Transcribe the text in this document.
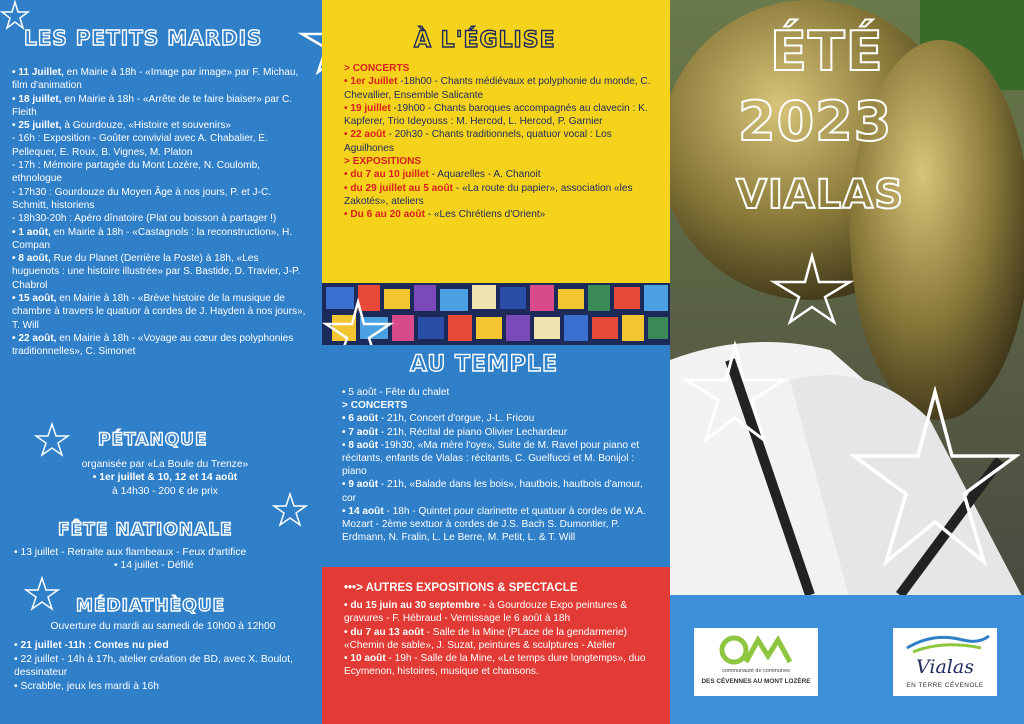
LES PETITS MARDIS

• 11 Juillet, en Mairie à 18h - «Image par image» par F. Michau, film d'animation

• 18 juillet, en Mairie à 18h - «Arrête de te faire biaiser» par C. Fleith

• 25 juillet, à Gourdouze, «Histoire et souvenirs»

- 16h : Exposition - Goûter convivial avec A. Chabalier, E. Pellequer, E. Roux, B. Vignes, M. Platon

- 17h : Mémoire partagée du Mont Lozère, N. Coulomb, ethnologue

- 17h30 : Gourdouze du Moyen Âge à nos jours, P. et J-C. Schmitt, historiens

- 18h30-20h : Apéro dînatoire (Plat ou boisson à partager !)

• 1 août, en Mairie à 18h - «Castagnols : la reconstruction», H. Compan

• 8 août, Rue du Planet (Derrière la Poste) à 18h, «Les huguenots : une histoire illustrée» par S. Bastide, D. Travier, J-P. Chabrol

• 15 août, en Mairie à 18h - «Brève histoire de la musique de chambre à travers le quatuor à cordes de J. Hayden à nos jours», T. Will

• 22 août, en Mairie à 18h - «Voyage au cœur des polyphonies traditionnelles», C. Simonet

PÉTANQUE

organisée par «La Boule du Trenze»

• 1er juillet & 10, 12 et 14 août

à 14h30 - 200 € de prix

FÊTE NATIONALE

• 13 juillet - Retraite aux flambeaux - Feux d'artifice

• 14 juillet - Défilé

MÉDIATHÈQUE

Ouverture du mardi au samedi de 10h00 à 12h00

• 21 juillet -11h : Contes nu pied

• 22 juillet - 14h à 17h, atelier création de BD, avec X. Boulot, dessinateur

• Scrabble, jeux les mardi à 16h

À L'ÉGLISE

> CONCERTS

• 1er Juillet -18h00 - Chants médiévaux et polyphonie du monde, C. Chevallier, Ensemble Salicante

• 19 juillet -19h00 - Chants baroques accompagnés au clavecin : K. Kapferer, Trio Ideyouss : M. Hercod, L. Hercod, P. Garnier

• 22 août - 20h30 - Chants traditionnels, quatuor vocal : Los Aguilhones

> EXPOSITIONS

• du 7 au 10 juillet - Aquarelles - A. Chanoit

• du 29 juillet au 5 août - «La route du papier», association «les Zakotés», ateliers

• Du 6 au 20 août - «Les Chrétiens d'Orient»

AU TEMPLE

• 5 août - Fête du chalet

> CONCERTS

• 6 août - 21h, Concert d'orgue, J-L. Fricou

• 7 août - 21h, Récital de piano Olivier Lechardeur

• 8 août -19h30, «Ma mère l'oye», Suite de M. Ravel pour piano et récitants, enfants de Vialas : récitants, C. Guelfucci et M. Bonijol : piano

• 9 août - 21h, «Balade dans les bois», hautbois, hautbois d'amour, cor

• 14 août - 18h - Quintet pour clarinette et quatuor à cordes de W.A. Mozart - 2ème sextuor à cordes de J.S. Bach S. Dumontier, P. Erdmann, N. Fralin, L. Le Berre, M. Petit, L. & T. Will

•••> AUTRES EXPOSITIONS & SPECTACLE

• du 15 juin au 30 septembre - à Gourdouze Expo peintures & gravures - F. Hébraud - Vernissage le 6 août à 18h

• du 7 au 13 août - Salle de la Mine (PLace de la gendarmerie) «Chemin de sable», J. Suzat, peintures & sculptures - Atelier

• 10 août - 19h - Salle de la Mine, «Le temps dure longtemps», duo Ecymenon, histoires, musique et chansons.

ÉTÉ
2023
VIALAS
communauté de communes
DES CÉVENNES AU MONT LOZÈRE
Vialas
EN TERRE CÉVENOLE
